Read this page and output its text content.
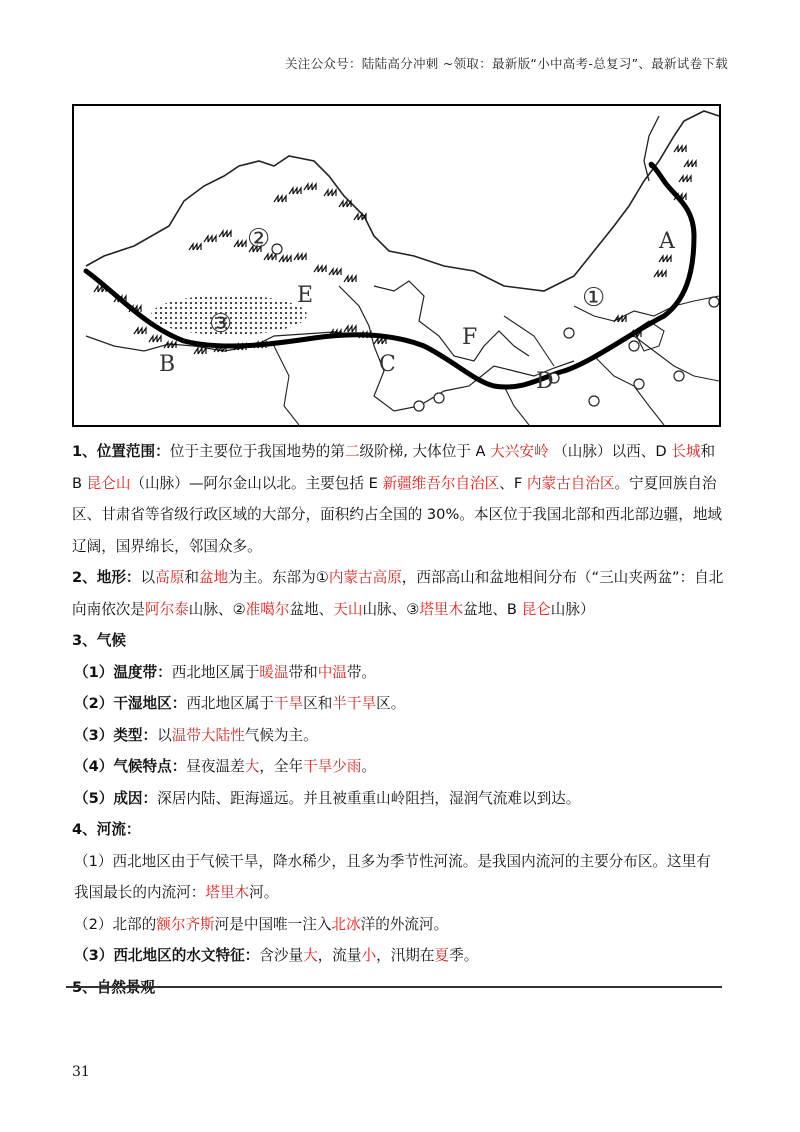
关注公众号：陆陆高分冲刺 ~领取：最新版“小中高考-总复习”、最新试卷下载
A
B	C
D
E
F
②
③
①

1、位置范围：位于主要位于我国地势的第二级阶梯, 大体位于 A 大兴安岭 （山脉）以西、D 长城和 B 昆仑山（山脉）—阿尔金山以北。主要包括 E 新疆维吾尔自治区、F 内蒙古自治区。宁夏回族自治区、甘肃省等省级行政区域的大部分，面积约占全国的 30%。本区位于我国北部和西北部边疆，地域辽阔，国界绵长，邻国众多。

2、地形：以高原和盆地为主。东部为①内蒙古高原，西部高山和盆地相间分布（“三山夹两盆”：自北向南依次是阿尔泰山脉、②准噶尔盆地、天山山脉、③塔里木盆地、B 昆仑山脉）

3、气候

（1）温度带：西北地区属于暖温带和中温带。

（2）干湿地区：西北地区属于干旱区和半干旱区。

（3）类型：以温带大陆性气候为主。

（4）气候特点：昼夜温差大，全年干旱少雨。

（5）成因：深居内陆、距海遥远。并且被重重山岭阻挡，湿润气流难以到达。

4、河流：

（1）西北地区由于气候干旱，降水稀少，且多为季节性河流。是我国内流河的主要分布区。这里有我国最长的内流河：塔里木河。

（2）北部的额尔齐斯河是中国唯一注入北冰洋的外流河。

（3）西北地区的水文特征：含沙量大，流量小，汛期在夏季。

5、自然景观

31
